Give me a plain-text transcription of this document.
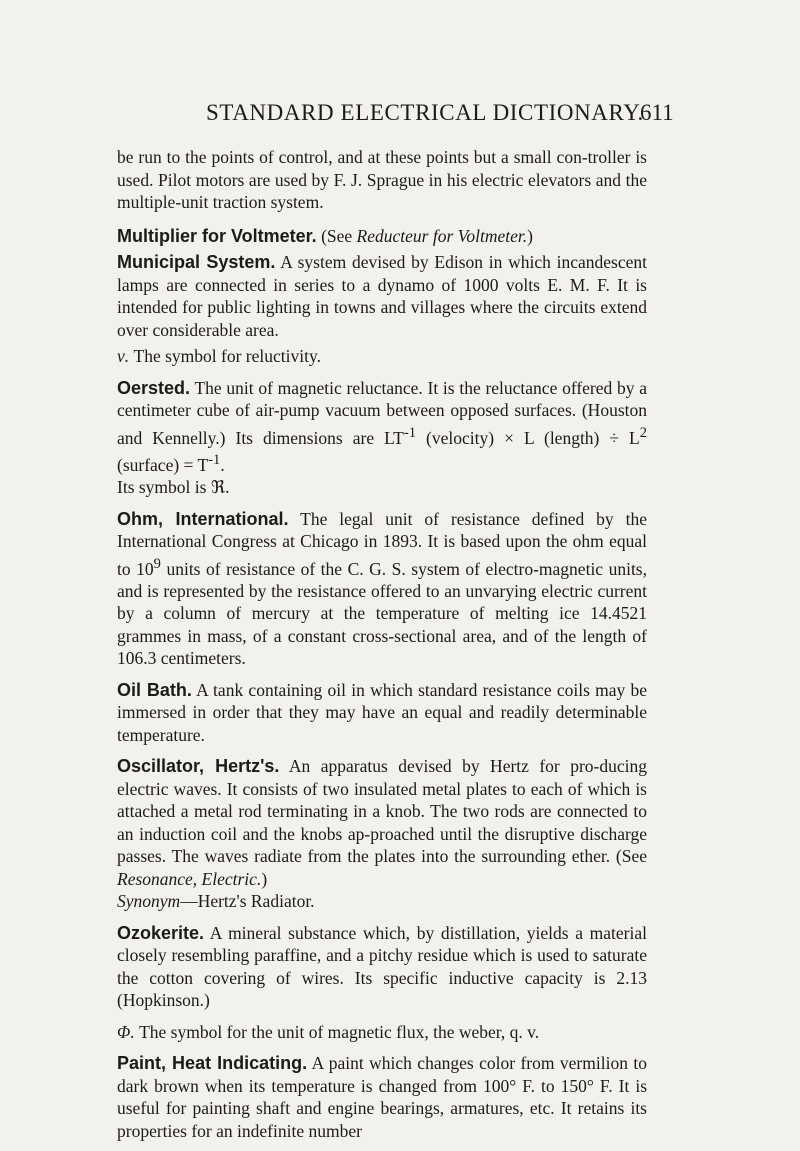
STANDARD ELECTRICAL DICTIONARY.
611

be run to the points of control, and at these points but a small con-troller is used. Pilot motors are used by F. J. Sprague in his electric elevators and the multiple-unit traction system.

Multiplier for Voltmeter. (See Reducteur for Voltmeter.)

Municipal System. A system devised by Edison in which incandescent lamps are connected in series to a dynamo of 1000 volts E. M. F. It is intended for public lighting in towns and villages where the circuits extend over considerable area.

ν. The symbol for reluctivity.

Oersted. The unit of magnetic reluctance. It is the reluctance offered by a centimeter cube of air-pump vacuum between opposed surfaces. (Houston and Kennelly.) Its dimensions are $LT^{-1}$ (velocity) × L (length) ÷ $L^2$ (surface) = $T^{-1}$.
Its symbol is ℜ.

Ohm, International. The legal unit of resistance defined by the International Congress at Chicago in 1893. It is based upon the ohm equal to $10^9$ units of resistance of the C. G. S. system of electro-magnetic units, and is represented by the resistance offered to an unvarying electric current by a column of mercury at the temperature of melting ice 14.4521 grammes in mass, of a constant cross-sectional area, and of the length of 106.3 centimeters.

Oil Bath. A tank containing oil in which standard resistance coils may be immersed in order that they may have an equal and readily determinable temperature.

Oscillator, Hertz's. An apparatus devised by Hertz for pro-ducing electric waves. It consists of two insulated metal plates to each of which is attached a metal rod terminating in a knob. The two rods are connected to an induction coil and the knobs ap-proached until the disruptive discharge passes. The waves radiate from the plates into the surrounding ether. (See Resonance, Electric.)
Synonym—Hertz's Radiator.

Ozokerite. A mineral substance which, by distillation, yields a material closely resembling paraffine, and a pitchy residue which is used to saturate the cotton covering of wires. Its specific inductive capacity is 2.13 (Hopkinson.)

Φ. The symbol for the unit of magnetic flux, the weber, q. v.

Paint, Heat Indicating. A paint which changes color from vermilion to dark brown when its temperature is changed from 100° F. to 150° F. It is useful for painting shaft and engine bearings, armatures, etc. It retains its properties for an indefinite number
